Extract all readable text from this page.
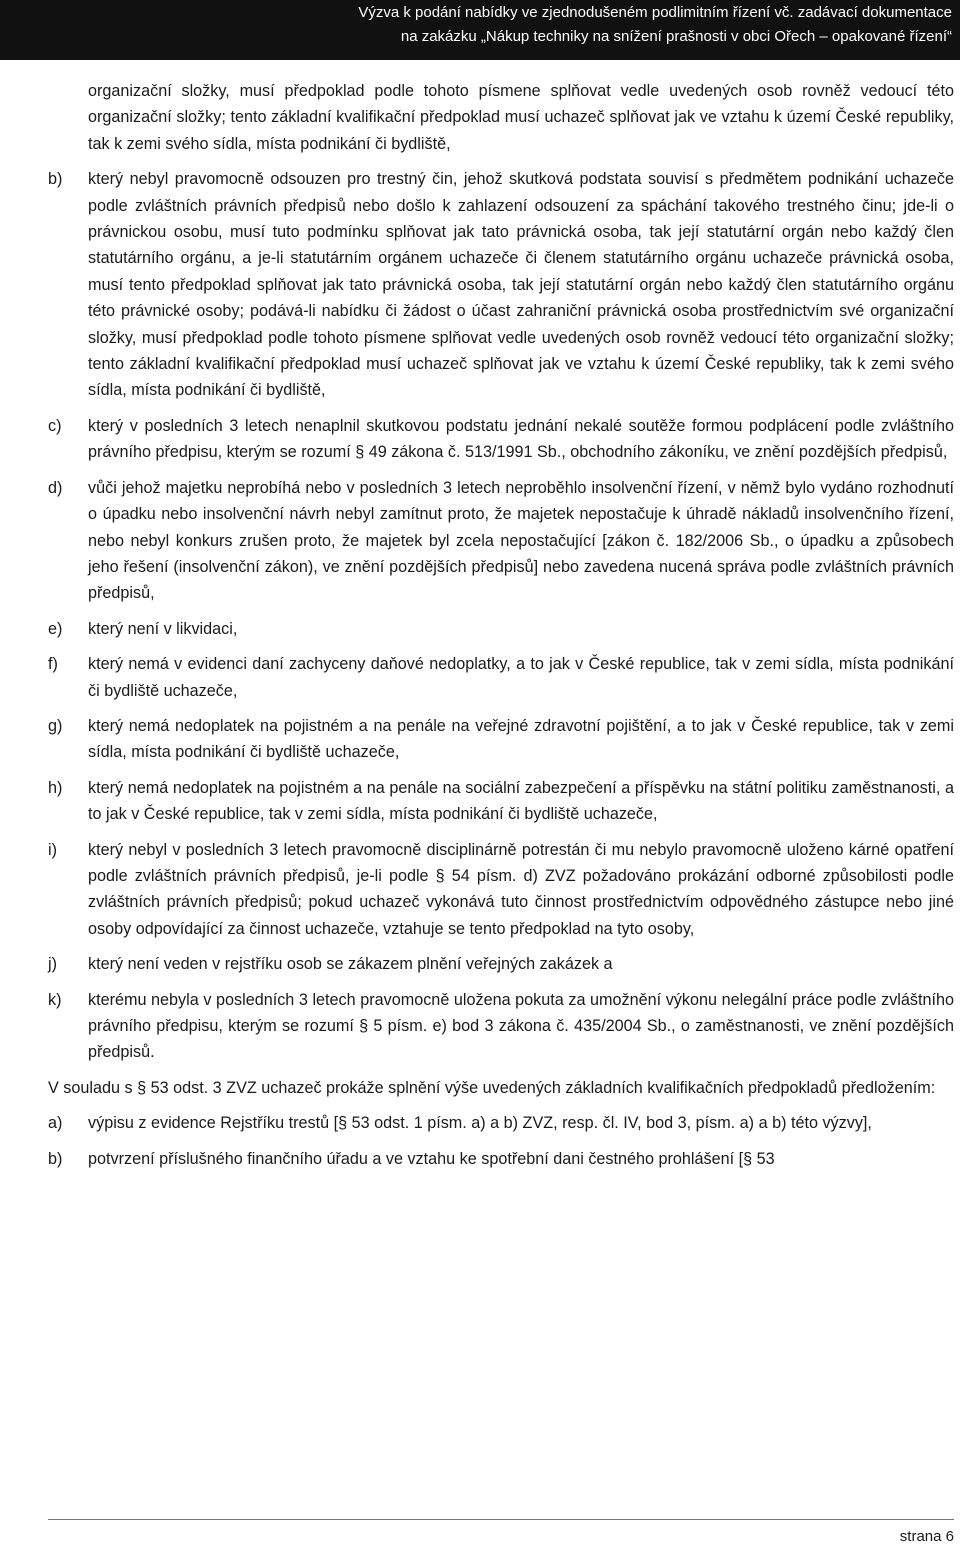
Výzva k podání nabídky ve zjednodušeném podlimitním řízení vč. zadávací dokumentace
na zakázku „Nákup techniky na snížení prašnosti v obci Ořech – opakované řízení“
organizační složky, musí předpoklad podle tohoto písmene splňovat vedle uvedených osob rovněž vedoucí této organizační složky; tento základní kvalifikační předpoklad musí uchazeč splňovat jak ve vztahu k území České republiky, tak k zemi svého sídla, místa podnikání či bydliště,
b)	který nebyl pravomocně odsouzen pro trestný čin, jehož skutková podstata souvisí s předmětem podnikání uchazeče podle zvláštních právních předpisů nebo došlo k zahlazení odsouzení za spáchání takového trestného činu; jde-li o právnickou osobu, musí tuto podmínku splňovat jak tato právnická osoba, tak její statutární orgán nebo každý člen statutárního orgánu, a je-li statutárním orgánem uchazeče či členem statutárního orgánu uchazeče právnická osoba, musí tento předpoklad splňovat jak tato právnická osoba, tak její statutární orgán nebo každý člen statutárního orgánu této právnické osoby; podává-li nabídku či žádost o účast zahraniční právnická osoba prostřednictvím své organizační složky, musí předpoklad podle tohoto písmene splňovat vedle uvedených osob rovněž vedoucí této organizační složky; tento základní kvalifikační předpoklad musí uchazeč splňovat jak ve vztahu k území České republiky, tak k zemi svého sídla, místa podnikání či bydliště,
c)	který v posledních 3 letech nenaplnil skutkovou podstatu jednání nekalé soutěže formou podplácení podle zvláštního právního předpisu, kterým se rozumí § 49 zákona č. 513/1991 Sb., obchodního zákoníku, ve znění pozdějších předpisů,
d)	vůči jehož majetku neprobíhá nebo v posledních 3 letech neproběhlo insolvenční řízení, v němž bylo vydáno rozhodnutí o úpadku nebo insolvenční návrh nebyl zamítnut proto, že majetek nepostačuje k úhradě nákladů insolvenčního řízení, nebo nebyl konkurs zrušen proto, že majetek byl zcela nepostačující [zákon č. 182/2006 Sb., o úpadku a způsobech jeho řešení (insolvenční zákon), ve znění pozdějších předpisů] nebo zavedena nucená správa podle zvláštních právních předpisů,
e)	který není v likvidaci,
f)	který nemá v evidenci daní zachyceny daňové nedoplatky, a to jak v České republice, tak v zemi sídla, místa podnikání či bydliště uchazeče,
g)	který nemá nedoplatek na pojistném a na penále na veřejné zdravotní pojištění, a to jak v České republice, tak v zemi sídla, místa podnikání či bydliště uchazeče,
h)	který nemá nedoplatek na pojistném a na penále na sociální zabezpečení a příspěvku na státní politiku zaměstnanosti, a to jak v České republice, tak v zemi sídla, místa podnikání či bydliště uchazeče,
i)	který nebyl v posledních 3 letech pravomocně disciplinárně potrestán či mu nebylo pravomocně uloženo kárné opatření podle zvláštních právních předpisů, je-li podle § 54 písm. d) ZVZ požadováno prokázání odborné způsobilosti podle zvláštních právních předpisů; pokud uchazeč vykonává tuto činnost prostřednictvím odpovědného zástupce nebo jiné osoby odpovídající za činnost uchazeče, vztahuje se tento předpoklad na tyto osoby,
j)	který není veden v rejstříku osob se zákazem plnění veřejných zakázek a
k)	kterému nebyla v posledních 3 letech pravomocně uložena pokuta za umožnění výkonu nelegální práce podle zvláštního právního předpisu, kterým se rozumí § 5 písm. e) bod 3 zákona č. 435/2004 Sb., o zaměstnanosti, ve znění pozdějších předpisů.
V souladu s § 53 odst. 3 ZVZ uchazeč prokáže splnění výše uvedených základních kvalifikačních předpokladů předložením:
a)	výpisu z evidence Rejstříku trestů [§ 53 odst. 1 písm. a) a b) ZVZ, resp. čl. IV, bod 3, písm. a) a b) této výzvy],
b)	potvrzení příslušného finančního úřadu a ve vztahu ke spotřební dani čestného prohlášení [§ 53
strana 6
